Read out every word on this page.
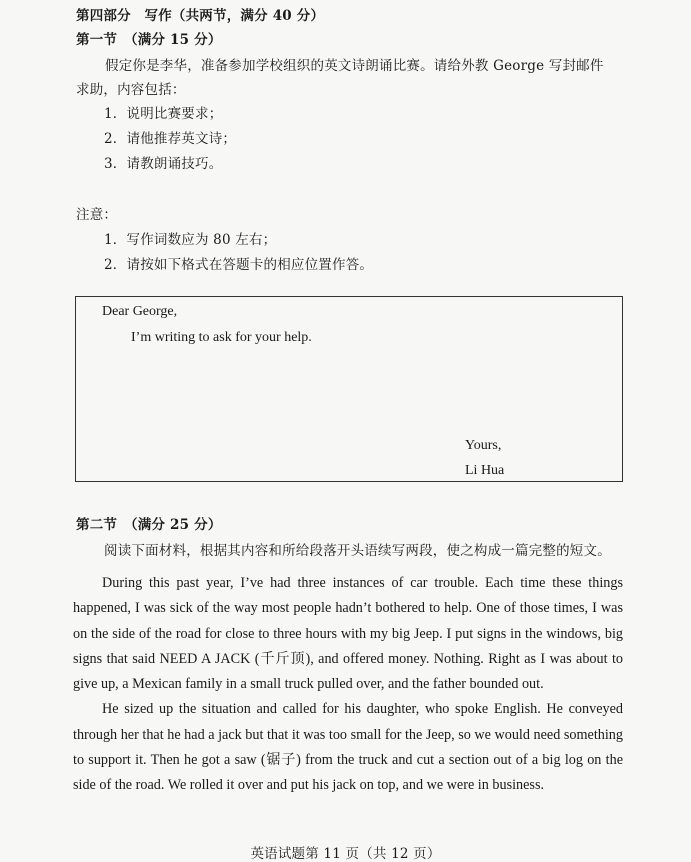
第四部分　写作（共两节，满分 40 分）
第一节　（满分 15 分）
假定你是李华，准备参加学校组织的英文诗朗诵比赛。请给外教 George 写封邮件
求助，内容包括：
1．说明比赛要求；
2．请他推荐英文诗；
3．请教朗诵技巧。
注意：
1．写作词数应为 80 左右；
2．请按如下格式在答题卡的相应位置作答。
Dear George,
I’m writing to ask for your help.
Yours,
Li Hua
第二节　（满分 25 分）
阅读下面材料，根据其内容和所给段落开头语续写两段，使之构成一篇完整的短文。

During this past year, I’ve had three instances of car trouble. Each time these things happened, I was sick of the way most people hadn’t bothered to help. One of those times, I was on the side of the road for close to three hours with my big Jeep. I put signs in the windows, big signs that said NEED A JACK (千斤顶), and offered money. Nothing. Right as I was about to give up, a Mexican family in a small truck pulled over, and the father bounded out.

He sized up the situation and called for his daughter, who spoke English. He conveyed through her that he had a jack but that it was too small for the Jeep, so we would need something to support it. Then he got a saw (锯子) from the truck and cut a section out of a big log on the side of the road. We rolled it over and put his jack on top, and we were in business.

英语试题第 11 页（共 12 页）
